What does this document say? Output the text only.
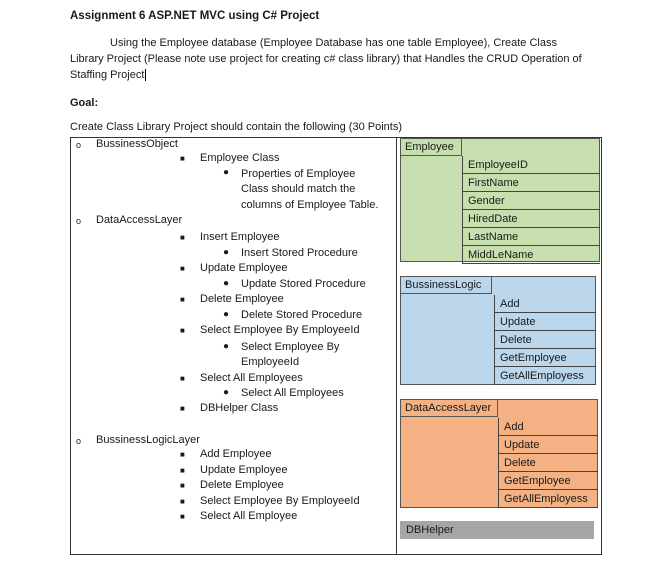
Assignment 6 ASP.NET MVC using C# Project
Using the Employee database (Employee Database has one table Employee), Create Class
Library Project (Please note use project for creating c# class library) that Handles the CRUD Operation of
Staffing Project
Goal:
Create Class Library Project should contain the following (30 Points)
o BussinessObject
■ Employee Class
● Properties of Employee
Class should match the
columns of Employee Table.
o DataAccessLayer
■ Insert Employee
● Insert Stored Procedure
■ Update Employee
● Update Stored Procedure
■ Delete Employee
● Delete Stored Procedure
■ Select Employee By EmployeeId
● Select Employee By
EmployeeId
■ Select All Employees
● Select All Employees
■ DBHelper Class
o BussinessLogicLayer
■ Add Employee
■ Update Employee
■ Delete Employee
■ Select Employee By EmployeeId
■ Select All Employee
Employee
EmployeeID
FirstName
Gender
HiredDate
LastName
MiddLeName
BussinessLogic
Add
Update
Delete
GetEmployee
GetAllEmployess
DataAccessLayer
Add
Update
Delete
GetEmployee
GetAllEmployess
DBHelper
